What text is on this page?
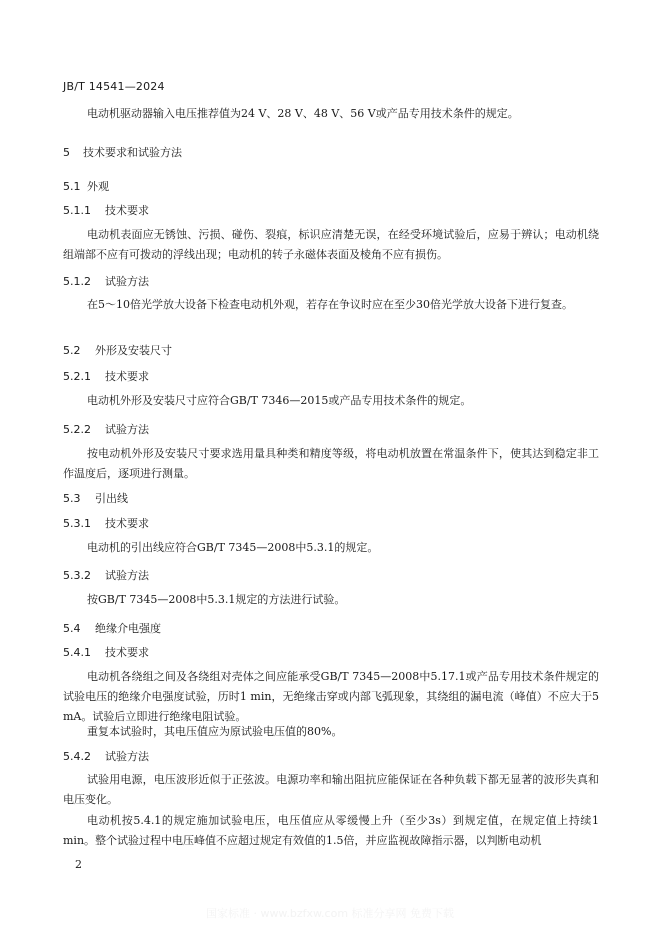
JB/T 14541—2024
电动机驱动器输入电压推荐值为24 V、28 V、48 V、56 V或产品专用技术条件的规定。
5 技术要求和试验方法
5.1 外观
5.1.1 技术要求
电动机表面应无锈蚀、污损、碰伤、裂痕，标识应清楚无误，在经受环境试验后，应易于辨认；电动机绕组端部不应有可拨动的浮线出现；电动机的转子永磁体表面及棱角不应有损伤。
5.1.2 试验方法
在5～10倍光学放大设备下检查电动机外观，若存在争议时应在至少30倍光学放大设备下进行复查。
5.2 外形及安装尺寸
5.2.1 技术要求
电动机外形及安装尺寸应符合GB/T 7346—2015或产品专用技术条件的规定。
5.2.2 试验方法
按电动机外形及安装尺寸要求选用量具种类和精度等级，将电动机放置在常温条件下，使其达到稳定非工作温度后，逐项进行测量。
5.3 引出线
5.3.1 技术要求
电动机的引出线应符合GB/T 7345—2008中5.3.1的规定。
5.3.2 试验方法
按GB/T 7345—2008中5.3.1规定的方法进行试验。
5.4 绝缘介电强度
5.4.1 技术要求
电动机各绕组之间及各绕组对壳体之间应能承受GB/T 7345—2008中5.17.1或产品专用技术条件规定的试验电压的绝缘介电强度试验，历时1 min，无绝缘击穿或内部飞弧现象，其绕组的漏电流（峰值）不应大于5 mA。试验后立即进行绝缘电阻试验。
重复本试验时，其电压值应为原试验电压值的80%。
5.4.2 试验方法
试验用电源，电压波形近似于正弦波。电源功率和输出阻抗应能保证在各种负载下都无显著的波形失真和电压变化。
电动机按5.4.1的规定施加试验电压，电压值应从零缓慢上升（至少3s）到规定值，在规定值上持续1 min。整个试验过程中电压峰值不应超过规定有效值的1.5倍，并应监视故障指示器，以判断电动机
2
国家标准 · www.bzfxw.com 标准分享网 免费下载
